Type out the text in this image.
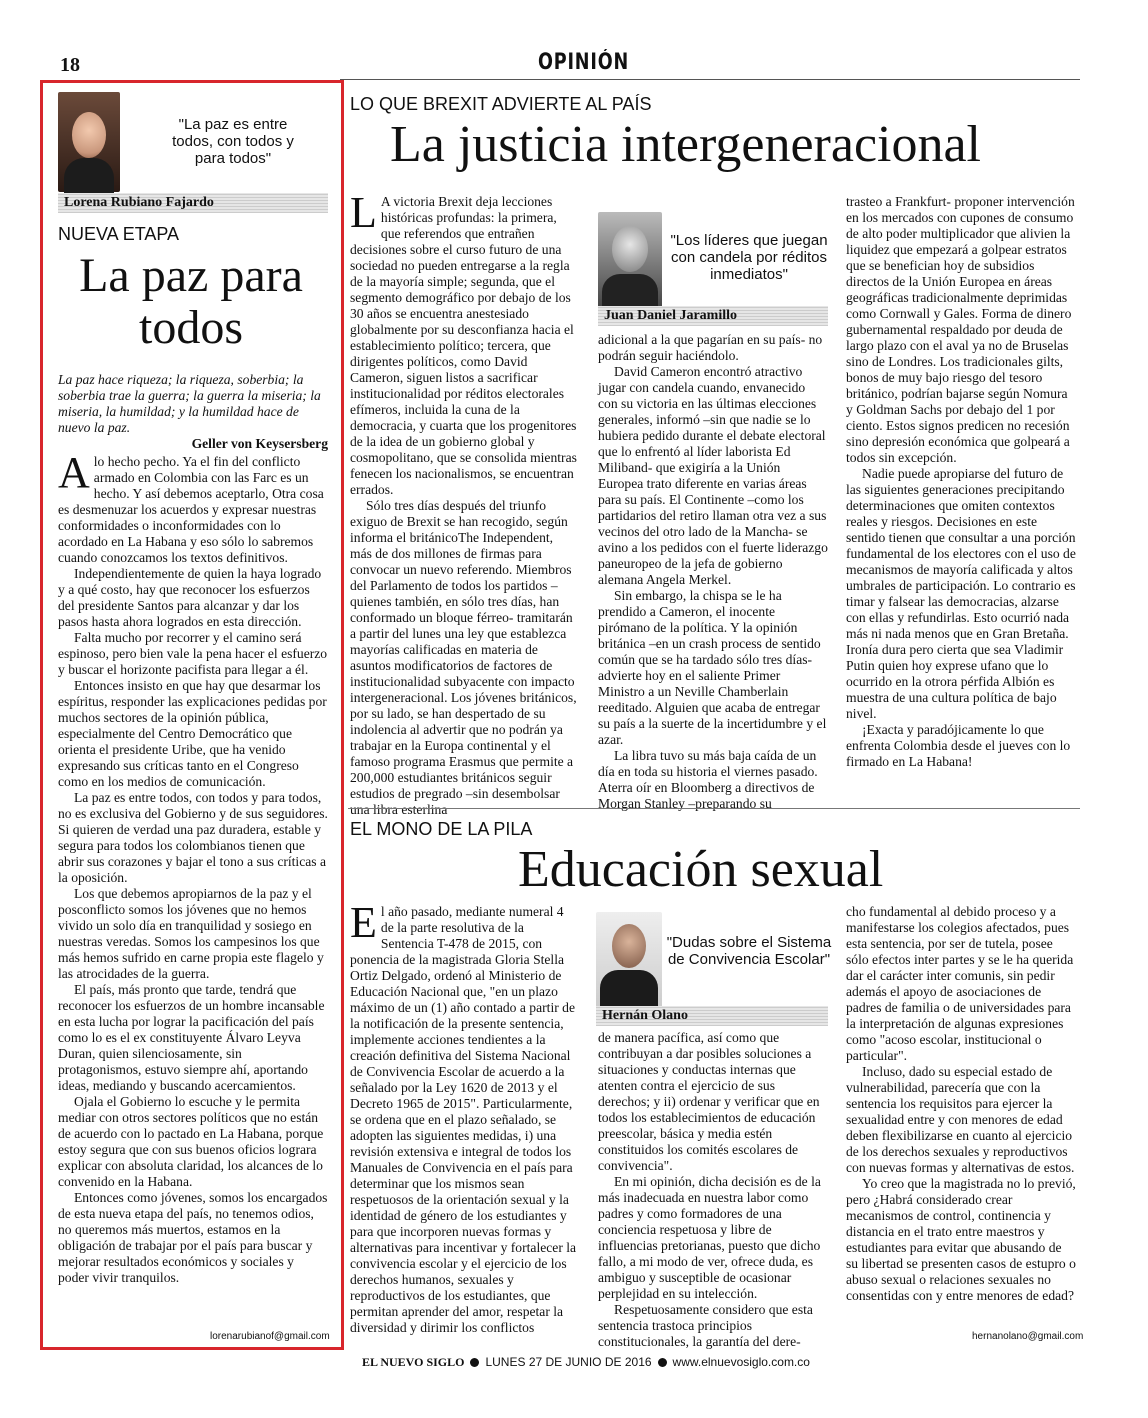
18	OPINIÓN
"La paz es entre todos, con todos y para todos"
Lorena Rubiano Fajardo
NUEVA ETAPA
La paz para
todos
La paz hace riqueza; la riqueza, soberbia; la soberbia trae la guerra; la guerra la miseria; la miseria, la humildad; y la humildad hace de nuevo la paz.
Geller von Keysersberg
A lo hecho pecho. Ya el fin del conflicto armado en Colombia con las Farc es un hecho. Y así debemos aceptarlo, Otra cosa es desmenuzar los acuerdos y expresar nuestras conformidades o inconformidades con lo acordado en La Habana y eso sólo lo sabremos cuando conozcamos los textos definitivos.

Independientemente de quien la haya logrado y a qué costo, hay que reconocer los esfuerzos del presidente Santos para alcanzar y dar los pasos hasta ahora logrados en esta dirección.

Falta mucho por recorrer y el camino será espinoso, pero bien vale la pena hacer el esfuerzo y buscar el horizonte pacifista para llegar a él.

Entonces insisto en que hay que desarmar los espíritus, responder las explicaciones pedidas por muchos sectores de la opinión pública, especialmente del Centro Democrático que orienta el presidente Uribe, que ha venido expresando sus críticas tanto en el Congreso como en los medios de comunicación.

La paz es entre todos, con todos y para todos, no es exclusiva del Gobierno y de sus seguidores. Si quieren de verdad una paz duradera, estable y segura para todos los colombianos tienen que abrir sus corazones y bajar el tono a sus críticas a la oposición.

Los que debemos apropiarnos de la paz y el posconflicto somos los jóvenes que no hemos vivido un solo día en tranquilidad y sosiego en nuestras veredas. Somos los campesinos los que más hemos sufrido en carne propia este flagelo y las atrocidades de la guerra.

El país, más pronto que tarde, tendrá que reconocer los esfuerzos de un hombre incansable en esta lucha por lograr la pacificación del país como lo es el ex constituyente Álvaro Leyva Duran, quien silenciosamente, sin protagonismos, estuvo siempre ahí, aportando ideas, mediando y buscando acercamientos.

Ojala el Gobierno lo escuche y le permita mediar con otros sectores políticos que no están de acuerdo con lo pactado en La Habana, porque estoy segura que con sus buenos oficios lograra explicar con absoluta claridad, los alcances de lo convenido en la Habana.

Entonces como jóvenes, somos los encargados de esta nueva etapa del país, no tenemos odios, no queremos más muertos, estamos en la obligación de trabajar por el país para buscar y mejorar resultados económicos y sociales y poder vivir tranquilos.

lorenarubianof@gmail.com
LO QUE BREXIT ADVIERTE AL PAÍS
La justicia intergeneracional
L A victoria Brexit deja lecciones históricas profundas: la primera, que referendos que entrañen decisiones sobre el curso futuro de una sociedad no pueden entregarse a la regla de la mayoría simple; segunda, que el segmento demográfico por debajo de los 30 años se encuentra anestesiado globalmente por su desconfianza hacia el establecimiento político; tercera, que dirigentes políticos, como David Cameron, siguen listos a sacrificar institucionalidad por réditos electorales efímeros, incluida la cuna de la democracia, y cuarta que los progenitores de la idea de un gobierno global y cosmopolitano, que se consolida mientras fenecen los nacionalismos, se encuentran errados.

Sólo tres días después del triunfo exiguo de Brexit se han recogido, según informa el británicoThe Independent, más de dos millones de firmas para convocar un nuevo referendo. Miembros del Parlamento de todos los partidos –quienes también, en sólo tres días, han conformado un bloque férreo- tramitarán a partir del lunes una ley que establezca mayorías calificadas en materia de asuntos modificatorios de factores de institucionalidad subyacente con impacto intergeneracional. Los jóvenes británicos, por su lado, se han despertado de su indolencia al advertir que no podrán ya trabajar en la Europa continental y el famoso programa Erasmus que permite a 200,000 estudiantes británicos seguir estudios de pregrado –sin desembolsar una libra esterlina

"Los líderes que juegan con candela por réditos inmediatos"
Juan Daniel Jaramillo

adicional a la que pagarían en su país- no podrán seguir haciéndolo.

David Cameron encontró atractivo jugar con candela cuando, envanecido con su victoria en las últimas elecciones generales, informó –sin que nadie se lo hubiera pedido durante el debate electoral que lo enfrentó al líder laborista Ed Miliband- que exigiría a la Unión Europea trato diferente en varias áreas para su país. El Continente –como los partidarios del retiro llaman otra vez a sus vecinos del otro lado de la Mancha- se avino a los pedidos con el fuerte liderazgo paneuropeo de la jefa de gobierno alemana Angela Merkel.

Sin embargo, la chispa se le ha prendido a Cameron, el inocente pirómano de la política. Y la opinión británica –en un crash process de sentido común que se ha tardado sólo tres días- advierte hoy en el saliente Primer Ministro a un Neville Chamberlain reeditado. Alguien que acaba de entregar su país a la suerte de la incertidumbre y el azar.

La libra tuvo su más baja caída de un día en toda su historia el viernes pasado. Aterra oír en Bloomberg a directivos de Morgan Stanley –preparando su

trasteo a Frankfurt- proponer intervención en los mercados con cupones de consumo de alto poder multiplicador que alivien la liquidez que empezará a golpear estratos que se benefician hoy de subsidios directos de la Unión Europea en áreas geográficas tradicionalmente deprimidas como Cornwall y Gales. Forma de dinero gubernamental respaldado por deuda de largo plazo con el aval ya no de Bruselas sino de Londres. Los tradicionales gilts, bonos de muy bajo riesgo del tesoro británico, podrían bajarse según Nomura y Goldman Sachs por debajo del 1 por ciento. Estos signos predicen no recesión sino depresión económica que golpeará a todos sin excepción.

Nadie puede apropiarse del futuro de las siguientes generaciones precipitando determinaciones que omiten contextos reales y riesgos. Decisiones en este sentido tienen que consultar a una porción fundamental de los electores con el uso de mecanismos de mayoría calificada y altos umbrales de participación. Lo contrario es timar y falsear las democracias, alzarse con ellas y refundirlas. Esto ocurrió nada más ni nada menos que en Gran Bretaña. Ironía dura pero cierta que sea Vladimir Putin quien hoy exprese ufano que lo ocurrido en la otrora pérfida Albión es muestra de una cultura política de bajo nivel.

¡Exacta y paradójicamente lo que enfrenta Colombia desde el jueves con lo firmado en La Habana!

EL MONO DE LA PILA
Educación sexual
E l año pasado, mediante numeral 4 de la parte resolutiva de la Sentencia T-478 de 2015, con ponencia de la magistrada Gloria Stella Ortiz Delgado, ordenó al Ministerio de Educación Nacional que, "en un plazo máximo de un (1) año contado a partir de la notificación de la presente sentencia, implemente acciones tendientes a la creación definitiva del Sistema Nacional de Convivencia Escolar de acuerdo a la señalado por la Ley 1620 de 2013 y el Decreto 1965 de 2015". Particularmente, se ordena que en el plazo señalado, se adopten las siguientes medidas, i) una revisión extensiva e integral de todos los Manuales de Convivencia en el país para determinar que los mismos sean respetuosos de la orientación sexual y la identidad de género de los estudiantes y para que incorporen nuevas formas y alternativas para incentivar y fortalecer la convivencia escolar y el ejercicio de los derechos humanos, sexuales y reproductivos de los estudiantes, que permitan aprender del amor, respetar la diversidad y dirimir los conflictos

"Dudas sobre el Sistema de Convivencia Escolar"
Hernán Olano

de manera pacífica, así como que contribuyan a dar posibles soluciones a situaciones y conductas internas que atenten contra el ejercicio de sus derechos; y ii) ordenar y verificar que en todos los establecimientos de educación preescolar, básica y media estén constituidos los comités escolares de convivencia".

En mi opinión, dicha decisión es de la más inadecuada en nuestra labor como padres y como formadores de una conciencia respetuosa y libre de influencias pretorianas, puesto que dicho fallo, a mi modo de ver, ofrece duda, es ambiguo y susceptible de ocasionar perplejidad en su intelección.

Respetuosamente considero que esta sentencia trastoca principios constitucionales, la garantía del dere-

cho fundamental al debido proceso y a manifestarse los colegios afectados, pues esta sentencia, por ser de tutela, posee sólo efectos inter partes y se le ha querida dar el carácter inter comunis, sin pedir además el apoyo de asociaciones de padres de familia o de universidades para la interpretación de algunas expresiones como "acoso escolar, institucional o particular".

Incluso, dado su especial estado de vulnerabilidad, parecería que con la sentencia los requisitos para ejercer la sexualidad entre y con menores de edad deben flexibilizarse en cuanto al ejercicio de los derechos sexuales y reproductivos con nuevas formas y alternativas de estos.

Yo creo que la magistrada no lo previó, pero ¿Habrá considerado crear mecanismos de control, continencia y distancia en el trato entre maestros y estudiantes para evitar que abusando de su libertad se presenten casos de estupro o abuso sexual o relaciones sexuales no consentidas con y entre menores de edad?

hernanolano@gmail.com
EL NUEVO SIGLO LUNES 27 DE JUNIO DE 2016 www.elnuevosiglo.com.co
